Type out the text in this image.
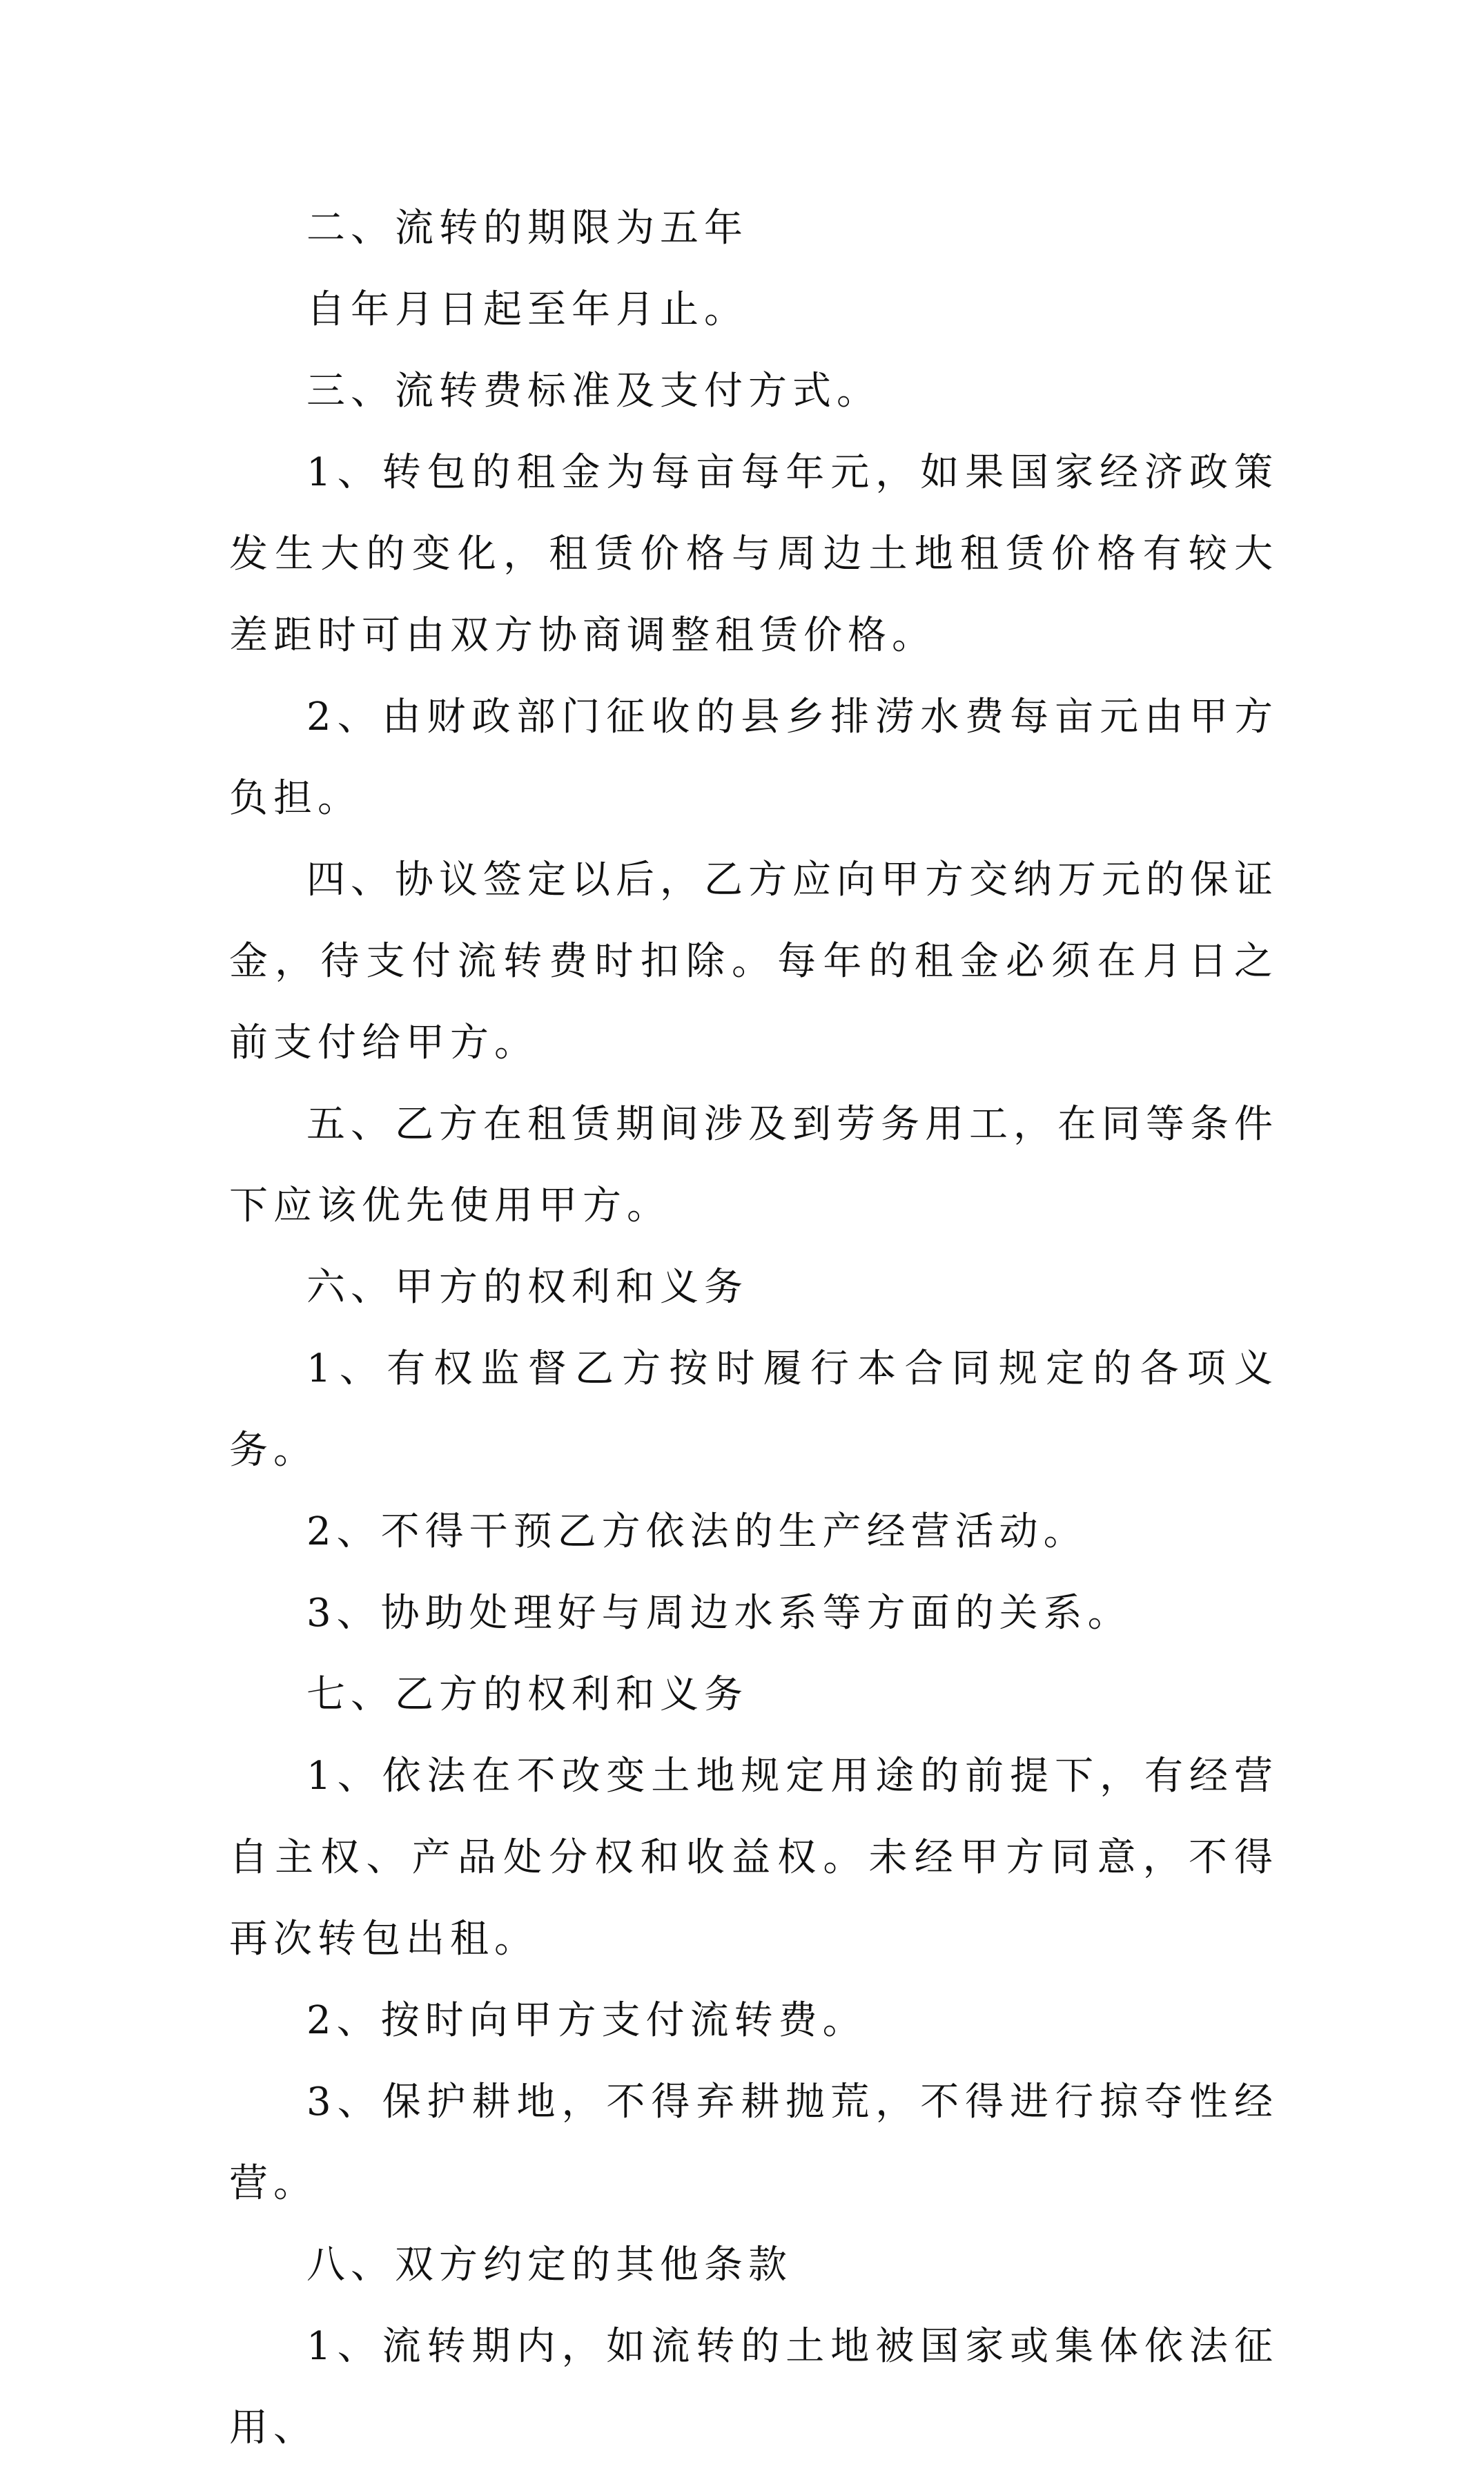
二、流转的期限为五年

自年月日起至年月止。

三、流转费标准及支付方式。

1、转包的租金为每亩每年元，如果国家经济政策发生大的变化，租赁价格与周边土地租赁价格有较大差距时可由双方协商调整租赁价格。

2、由财政部门征收的县乡排涝水费每亩元由甲方负担。

四、协议签定以后，乙方应向甲方交纳万元的保证金，待支付流转费时扣除。每年的租金必须在月日之前支付给甲方。

五、乙方在租赁期间涉及到劳务用工，在同等条件下应该优先使用甲方。

六、甲方的权利和义务

1、有权监督乙方按时履行本合同规定的各项义务。

2、不得干预乙方依法的生产经营活动。

3、协助处理好与周边水系等方面的关系。

七、乙方的权利和义务

1、依法在不改变土地规定用途的前提下，有经营自主权、产品处分权和收益权。未经甲方同意，不得再次转包出租。

2、按时向甲方支付流转费。

3、保护耕地，不得弃耕抛荒，不得进行掠夺性经营。

八、双方约定的其他条款

1、流转期内，如流转的土地被国家或集体依法征用、
